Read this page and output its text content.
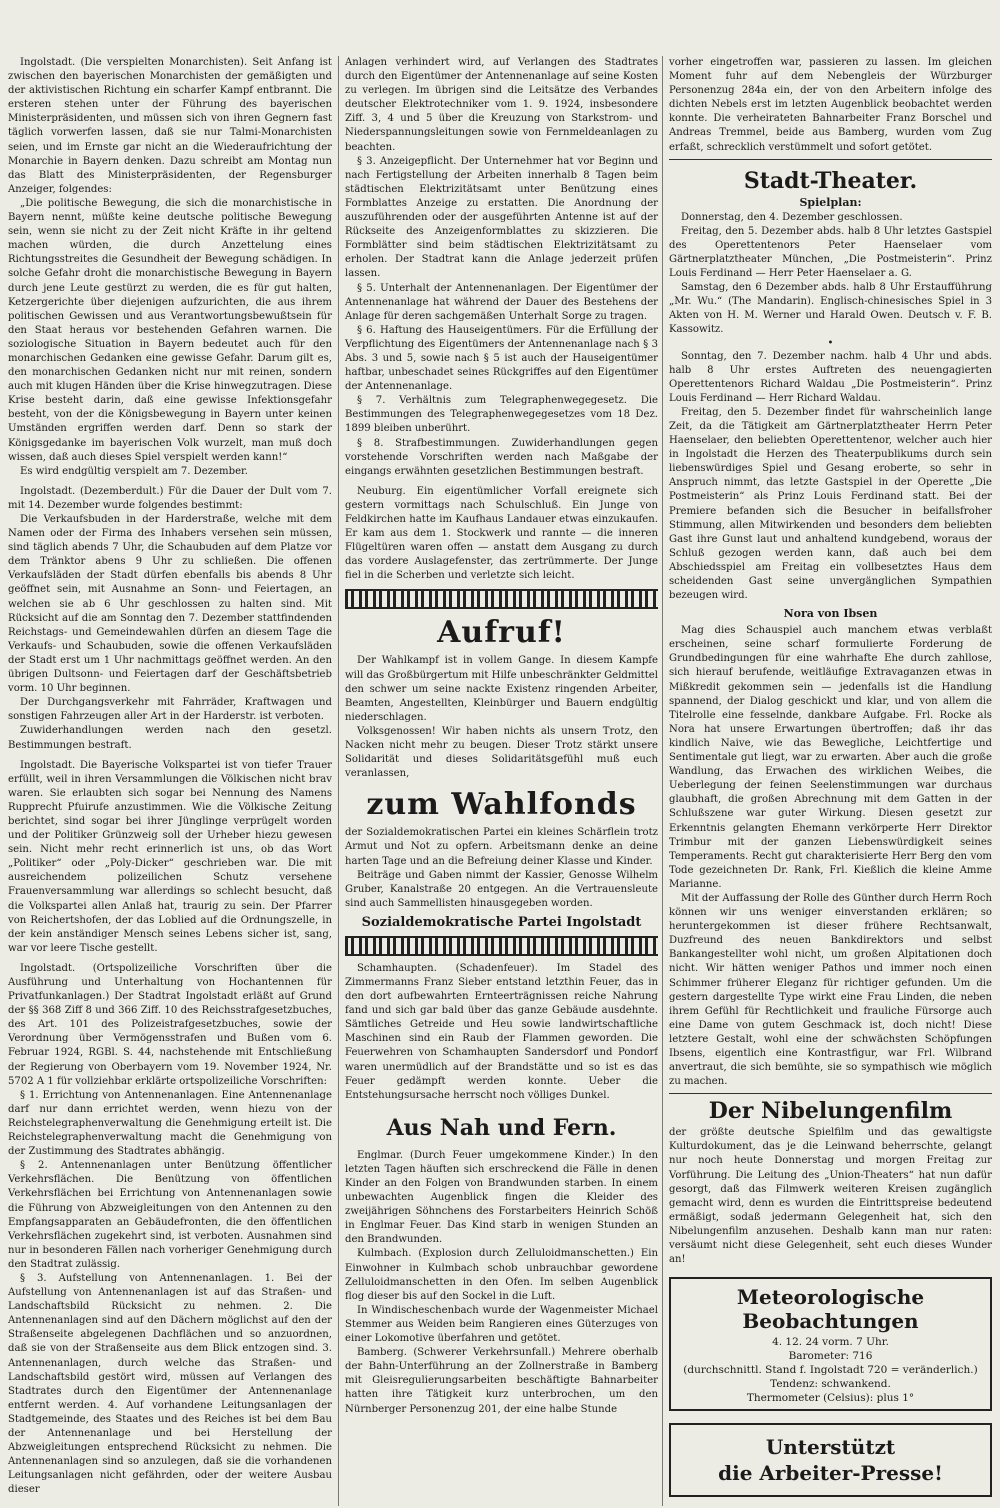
Ingolstadt. (Die verspielten Monarchisten). Seit Anfang ist zwischen den bayerischen Monarchisten der gemäßigten und der aktivistischen Richtung ein scharfer Kampf entbrannt. Die ersteren stehen unter der Führung des bayerischen Ministerpräsidenten, und müssen sich von ihren Gegnern fast täglich vorwerfen lassen, daß sie nur Talmi-Monarchisten seien, und im Ernste gar nicht an die Wiederaufrichtung der Monarchie in Bayern denken. Dazu schreibt am Montag nun das Blatt des Ministerpräsidenten, der Regensburger Anzeiger, folgendes:

„Die politische Bewegung, die sich die monarchistische in Bayern nennt, müßte keine deutsche politische Bewegung sein, wenn sie nicht zu der Zeit nicht Kräfte in ihr geltend machen würden, die durch Anzettelung eines Richtungsstreites die Gesundheit der Bewegung schädigen. In solche Gefahr droht die monarchistische Bewegung in Bayern durch jene Leute gestürzt zu werden, die es für gut halten, Ketzergerichte über diejenigen aufzurichten, die aus ihrem politischen Gewissen und aus Verantwortungsbewußtsein für den Staat heraus vor bestehenden Gefahren warnen. Die soziologische Situation in Bayern bedeutet auch für den monarchischen Gedanken eine gewisse Gefahr. Darum gilt es, den monarchischen Gedanken nicht nur mit reinen, sondern auch mit klugen Händen über die Krise hinwegzutragen. Diese Krise besteht darin, daß eine gewisse Infektionsgefahr besteht, von der die Königsbewegung in Bayern unter keinen Umständen ergriffen werden darf. Denn so stark der Königsgedanke im bayerischen Volk wurzelt, man muß doch wissen, daß auch dieses Spiel verspielt werden kann!“

Es wird endgültig verspielt am 7. Dezember.

Ingolstadt. (Dezemberdult.) Für die Dauer der Dult vom 7. mit 14. Dezember wurde folgendes bestimmt:

Die Verkaufsbuden in der Harderstraße, welche mit dem Namen oder der Firma des Inhabers versehen sein müssen, sind täglich abends 7 Uhr, die Schaubuden auf dem Platze vor dem Tränktor abens 9 Uhr zu schließen. Die offenen Verkaufsläden der Stadt dürfen ebenfalls bis abends 8 Uhr geöffnet sein, mit Ausnahme an Sonn- und Feiertagen, an welchen sie ab 6 Uhr geschlossen zu halten sind. Mit Rücksicht auf die am Sonntag den 7. Dezember stattfindenden Reichstags- und Gemeindewahlen dürfen an diesem Tage die Verkaufs- und Schaubuden, sowie die offenen Verkaufsläden der Stadt erst um 1 Uhr nachmittags geöffnet werden. An den übrigen Dultsonn- und Feiertagen darf der Geschäftsbetrieb vorm. 10 Uhr beginnen.

Der Durchgangsverkehr mit Fahrräder, Kraftwagen und sonstigen Fahrzeugen aller Art in der Harderstr. ist verboten.

Zuwiderhandlungen werden nach den gesetzl. Bestimmungen bestraft.

Ingolstadt. Die Bayerische Volkspartei ist von tiefer Trauer erfüllt, weil in ihren Versammlungen die Völkischen nicht brav waren. Sie erlaubten sich sogar bei Nennung des Namens Rupprecht Pfuirufe anzustimmen. Wie die Völkische Zeitung berichtet, sind sogar bei ihrer Jünglinge verprügelt worden und der Politiker Grünzweig soll der Urheber hiezu gewesen sein. Nicht mehr recht erinnerlich ist uns, ob das Wort „Politiker“ oder „Poly-Dicker“ geschrieben war. Die mit ausreichendem polizeilichen Schutz versehene Frauenversammlung war allerdings so schlecht besucht, daß die Volkspartei allen Anlaß hat, traurig zu sein. Der Pfarrer von Reichertshofen, der das Loblied auf die Ordnungszelle, in der kein anständiger Mensch seines Lebens sicher ist, sang, war vor leere Tische gestellt.

Ingolstadt. (Ortspolizeiliche Vorschriften über die Ausführung und Unterhaltung von Hochantennen für Privatfunkanlagen.) Der Stadtrat Ingolstadt erläßt auf Grund der §§ 368 Ziff 8 und 366 Ziff. 10 des Reichsstrafgesetzbuches, des Art. 101 des Polizeistrafgesetzbuches, sowie der Verordnung über Vermögensstrafen und Bußen vom 6. Februar 1924, RGBl. S. 44, nachstehende mit Entschließung der Regierung von Oberbayern vom 19. November 1924, Nr. 5702 A 1 für vollziehbar erklärte ortspolizeiliche Vorschriften:

§ 1. Errichtung von Antennenanlagen. Eine Antennenanlage darf nur dann errichtet werden, wenn hiezu von der Reichstelegraphenverwaltung die Genehmigung erteilt ist. Die Reichstelegraphenverwaltung macht die Genehmigung von der Zustimmung des Stadtrates abhängig.

§ 2. Antennenanlagen unter Benützung öffentlicher Verkehrsflächen. Die Benützung von öffentlichen Verkehrsflächen bei Errichtung von Antennenanlagen sowie die Führung von Abzweigleitungen von den Antennen zu den Empfangsapparaten an Gebäudefronten, die den öffentlichen Verkehrsflächen zugekehrt sind, ist verboten. Ausnahmen sind nur in besonderen Fällen nach vorheriger Genehmigung durch den Stadtrat zulässig.

§ 3. Aufstellung von Antennenanlagen. 1. Bei der Aufstellung von Antennenanlagen ist auf das Straßen- und Landschaftsbild Rücksicht zu nehmen. 2. Die Antennenanlagen sind auf den Dächern möglichst auf den der Straßenseite abgelegenen Dachflächen und so anzuordnen, daß sie von der Straßenseite aus dem Blick entzogen sind. 3. Antennenanlagen, durch welche das Straßen- und Landschaftsbild gestört wird, müssen auf Verlangen des Stadtrates durch den Eigentümer der Antennenanlage entfernt werden. 4. Auf vorhandene Leitungsanlagen der Stadtgemeinde, des Staates und des Reiches ist bei dem Bau der Antennenanlage und bei Herstellung der Abzweigleitungen entsprechend Rücksicht zu nehmen. Die Antennenanlagen sind so anzulegen, daß sie die vorhandenen Leitungsanlagen nicht gefährden, oder der weitere Ausbau dieser

Anlagen verhindert wird, auf Verlangen des Stadtrates durch den Eigentümer der Antennenanlage auf seine Kosten zu verlegen. Im übrigen sind die Leitsätze des Verbandes deutscher Elektrotechniker vom 1. 9. 1924, insbesondere Ziff. 3, 4 und 5 über die Kreuzung von Starkstrom- und Niederspannungsleitungen sowie von Fernmeldeanlagen zu beachten.

§ 3. Anzeigepflicht. Der Unternehmer hat vor Beginn und nach Fertigstellung der Arbeiten innerhalb 8 Tagen beim städtischen Elektrizitätsamt unter Benützung eines Formblattes Anzeige zu erstatten. Die Anordnung der auszuführenden oder der ausgeführten Antenne ist auf der Rückseite des Anzeigenformblattes zu skizzieren. Die Formblätter sind beim städtischen Elektrizitätsamt zu erholen. Der Stadtrat kann die Anlage jederzeit prüfen lassen.

§ 5. Unterhalt der Antennenanlagen. Der Eigentümer der Antennenanlage hat während der Dauer des Bestehens der Anlage für deren sachgemäßen Unterhalt Sorge zu tragen.

§ 6. Haftung des Hauseigentümers. Für die Erfüllung der Verpflichtung des Eigentümers der Antennenanlage nach § 3 Abs. 3 und 5, sowie nach § 5 ist auch der Hauseigentümer haftbar, unbeschadet seines Rückgriffes auf den Eigentümer der Antennenanlage.

§ 7. Verhältnis zum Telegraphenwegegesetz. Die Bestimmungen des Telegraphenwegegesetzes vom 18 Dez. 1899 bleiben unberührt.

§ 8. Strafbestimmungen. Zuwiderhandlungen gegen vorstehende Vorschriften werden nach Maßgabe der eingangs erwähnten gesetzlichen Bestimmungen bestraft.

Neuburg. Ein eigentümlicher Vorfall ereignete sich gestern vormittags nach Schulschluß. Ein Junge von Feldkirchen hatte im Kaufhaus Landauer etwas einzukaufen. Er kam aus dem 1. Stockwerk und rannte — die inneren Flügeltüren waren offen — anstatt dem Ausgang zu durch das vordere Auslagefenster, das zertrümmerte. Der Junge fiel in die Scherben und verletzte sich leicht.

Aufruf!

Der Wahlkampf ist in vollem Gange. In diesem Kampfe will das Großbürgertum mit Hilfe unbeschränkter Geldmittel den schwer um seine nackte Existenz ringenden Arbeiter, Beamten, Angestellten, Kleinbürger und Bauern endgültig niederschlagen.

Volksgenossen! Wir haben nichts als unsern Trotz, den Nacken nicht mehr zu beugen. Dieser Trotz stärkt unsere Solidarität und dieses Solidaritätsgefühl muß euch veranlassen,

zum Wahlfonds

der Sozialdemokratischen Partei ein kleines Schärflein trotz Armut und Not zu opfern. Arbeitsmann denke an deine harten Tage und an die Befreiung deiner Klasse und Kinder.

Beiträge und Gaben nimmt der Kassier, Genosse Wilhelm Gruber, Kanalstraße 20 entgegen. An die Vertrauensleute sind auch Sammellisten hinausgegeben worden.

Sozialdemokratische Partei Ingolstadt

Schamhaupten. (Schadenfeuer). Im Stadel des Zimmermanns Franz Sieber entstand letzthin Feuer, das in den dort aufbewahrten Ernteerträgnissen reiche Nahrung fand und sich gar bald über das ganze Gebäude ausdehnte. Sämtliches Getreide und Heu sowie landwirtschaftliche Maschinen sind ein Raub der Flammen geworden. Die Feuerwehren von Schamhaupten Sandersdorf und Pondorf waren unermüdlich auf der Brandstätte und so ist es das Feuer gedämpft werden konnte. Ueber die Entstehungsursache herrscht noch völliges Dunkel.

Aus Nah und Fern.

Englmar. (Durch Feuer umgekommene Kinder.) In den letzten Tagen häuften sich erschreckend die Fälle in denen Kinder an den Folgen von Brandwunden starben. In einem unbewachten Augenblick fingen die Kleider des zweijährigen Söhnchens des Forstarbeiters Heinrich Schöß in Englmar Feuer. Das Kind starb in wenigen Stunden an den Brandwunden.

Kulmbach. (Explosion durch Zelluloidmanschetten.) Ein Einwohner in Kulmbach schob unbrauchbar gewordene Zelluloidmanschetten in den Ofen. Im selben Augenblick flog dieser bis auf den Sockel in die Luft.

In Windischeschenbach wurde der Wagenmeister Michael Stemmer aus Weiden beim Rangieren eines Güterzuges von einer Lokomotive überfahren und getötet.

Bamberg. (Schwerer Verkehrsunfall.) Mehrere oberhalb der Bahn-Unterführung an der Zollnerstraße in Bamberg mit Gleisregulierungsarbeiten beschäftigte Bahnarbeiter hatten ihre Tätigkeit kurz unterbrochen, um den Nürnberger Personenzug 201, der eine halbe Stunde

vorher eingetroffen war, passieren zu lassen. Im gleichen Moment fuhr auf dem Nebengleis der Würzburger Personenzug 284a ein, der von den Arbeitern infolge des dichten Nebels erst im letzten Augenblick beobachtet werden konnte. Die verheirateten Bahnarbeiter Franz Borschel und Andreas Tremmel, beide aus Bamberg, wurden vom Zug erfaßt, schrecklich verstümmelt und sofort getötet.

Stadt-Theater.
Spielplan:

Donnerstag, den 4. Dezember geschlossen.

Freitag, den 5. Dezember abds. halb 8 Uhr letztes Gastspiel des Operettentenors Peter Haenselaer vom Gärtnerplatztheater München, „Die Postmeisterin“. Prinz Louis Ferdinand — Herr Peter Haenselaer a. G.

Samstag, den 6 Dezember abds. halb 8 Uhr Erstaufführung „Mr. Wu.“ (The Mandarin). Englisch-chinesisches Spiel in 3 Akten von H. M. Werner und Harald Owen. Deutsch v. F. B. Kassowitz.

•

Sonntag, den 7. Dezember nachm. halb 4 Uhr und abds. halb 8 Uhr erstes Auftreten des neuengagierten Operettentenors Richard Waldau „Die Postmeisterin“. Prinz Louis Ferdinand — Herr Richard Waldau.

Freitag, den 5. Dezember findet für wahrscheinlich lange Zeit, da die Tätigkeit am Gärtnerplatztheater Herrn Peter Haenselaer, den beliebten Operettentenor, welcher auch hier in Ingolstadt die Herzen des Theaterpublikums durch sein liebenswürdiges Spiel und Gesang eroberte, so sehr in Anspruch nimmt, das letzte Gastspiel in der Operette „Die Postmeisterin“ als Prinz Louis Ferdinand statt. Bei der Premiere befanden sich die Besucher in beifallsfroher Stimmung, allen Mitwirkenden und besonders dem beliebten Gast ihre Gunst laut und anhaltend kundgebend, woraus der Schluß gezogen werden kann, daß auch bei dem Abschiedsspiel am Freitag ein vollbesetztes Haus dem scheidenden Gast seine unvergänglichen Sympathien bezeugen wird.

Nora von Ibsen

Mag dies Schauspiel auch manchem etwas verblaßt erscheinen, seine scharf formulierte Forderung de Grundbedingungen für eine wahrhafte Ehe durch zahllose, sich hierauf berufende, weitläufige Extravaganzen etwas in Mißkredit gekommen sein — jedenfalls ist die Handlung spannend, der Dialog geschickt und klar, und von allem die Titelrolle eine fesselnde, dankbare Aufgabe. Frl. Rocke als Nora hat unsere Erwartungen übertroffen; daß ihr das kindlich Naive, wie das Bewegliche, Leichtfertige und Sentimentale gut liegt, war zu erwarten. Aber auch die große Wandlung, das Erwachen des wirklichen Weibes, die Ueberlegung der feinen Seelenstimmungen war durchaus glaubhaft, die großen Abrechnung mit dem Gatten in der Schlußszene war guter Wirkung. Diesen gesetzt zur Erkenntnis gelangten Ehemann verkörperte Herr Direktor Trimbur mit der ganzen Liebenswürdigkeit seines Temperaments. Recht gut charakterisierte Herr Berg den vom Tode gezeichneten Dr. Rank, Frl. Kießlich die kleine Amme Marianne.

Mit der Auffassung der Rolle des Günther durch Herrn Roch können wir uns weniger einverstanden erklären; so heruntergekommen ist dieser frühere Rechtsanwalt, Duzfreund des neuen Bankdirektors und selbst Bankangestellter wohl nicht, um großen Alpitationen doch nicht. Wir hätten weniger Pathos und immer noch einen Schimmer früherer Eleganz für richtiger gefunden. Um die gestern dargestellte Type wirkt eine Frau Linden, die neben ihrem Gefühl für Rechtlichkeit und frauliche Fürsorge auch eine Dame von gutem Geschmack ist, doch nicht! Diese letztere Gestalt, wohl eine der schwächsten Schöpfungen Ibsens, eigentlich eine Kontrastfigur, war Frl. Wilbrand anvertraut, die sich bemühte, sie so sympathisch wie möglich zu machen.

Der Nibelungenfilm

der größte deutsche Spielfilm und das gewaltigste Kulturdokument, das je die Leinwand beherrschte, gelangt nur noch heute Donnerstag und morgen Freitag zur Vorführung. Die Leitung des „Union-Theaters“ hat nun dafür gesorgt, daß das Filmwerk weiteren Kreisen zugänglich gemacht wird, denn es wurden die Eintrittspreise bedeutend ermäßigt, sodaß jedermann Gelegenheit hat, sich den Nibelungenfilm anzusehen. Deshalb kann man nur raten: versäumt nicht diese Gelegenheit, seht euch dieses Wunder an!

Meteorologische Beobachtungen

4. 12. 24 vorm. 7 Uhr.

Barometer: 716

(durchschnittl. Stand f. Ingolstadt 720 = veränderlich.)

Tendenz: schwankend.

Thermometer (Celsius): plus 1°

Unterstützt
die Arbeiter-Presse!
